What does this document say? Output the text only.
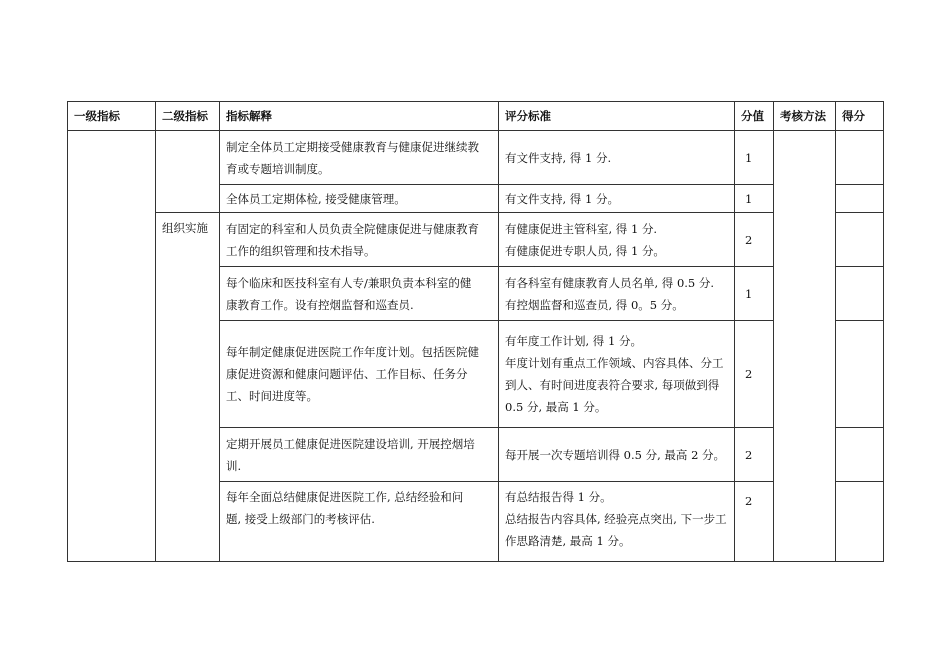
一级指标	二级指标	指标解释	评分标准	分值	考核方法	得分

		制定全体员工定期接受健康教育与健康促进继续教
育或专题培训制度。	有文件支持, 得 1 分.	1		

		全体员工定期体检, 接受健康管理。	有文件支持, 得 1 分。	1		
	组织实施	有固定的科室和人员负责全院健康促进与健康教育
工作的组织管理和技术指导。	有健康促进主管科室, 得 1 分.
有健康促进专职人员, 得 1 分。	2		

		每个临床和医技科室有人专/兼职负责本科室的健
康教育工作。设有控烟监督和巡查员.	有各科室有健康教育人员名单, 得 0.5 分.
有控烟监督和巡查员, 得 0。5 分。	1		

		每年制定健康促进医院工作年度计划。包括医院健
康促进资源和健康问题评估、工作目标、任务分
工、时间进度等。	有年度工作计划, 得 1 分。
年度计划有重点工作领域、内容具体、分工
到人、有时间进度表符合要求, 每项做到得
0.5 分, 最高 1 分。	2		

		定期开展员工健康促进医院建设培训, 开展控烟培
训.	每开展一次专题培训得 0.5 分, 最高 2 分。	2		

		每年全面总结健康促进医院工作, 总结经验和问
题, 接受上级部门的考核评估.	有总结报告得 1 分。
总结报告内容具体, 经验亮点突出, 下一步工
作思路清楚, 最高 1 分。	2		
